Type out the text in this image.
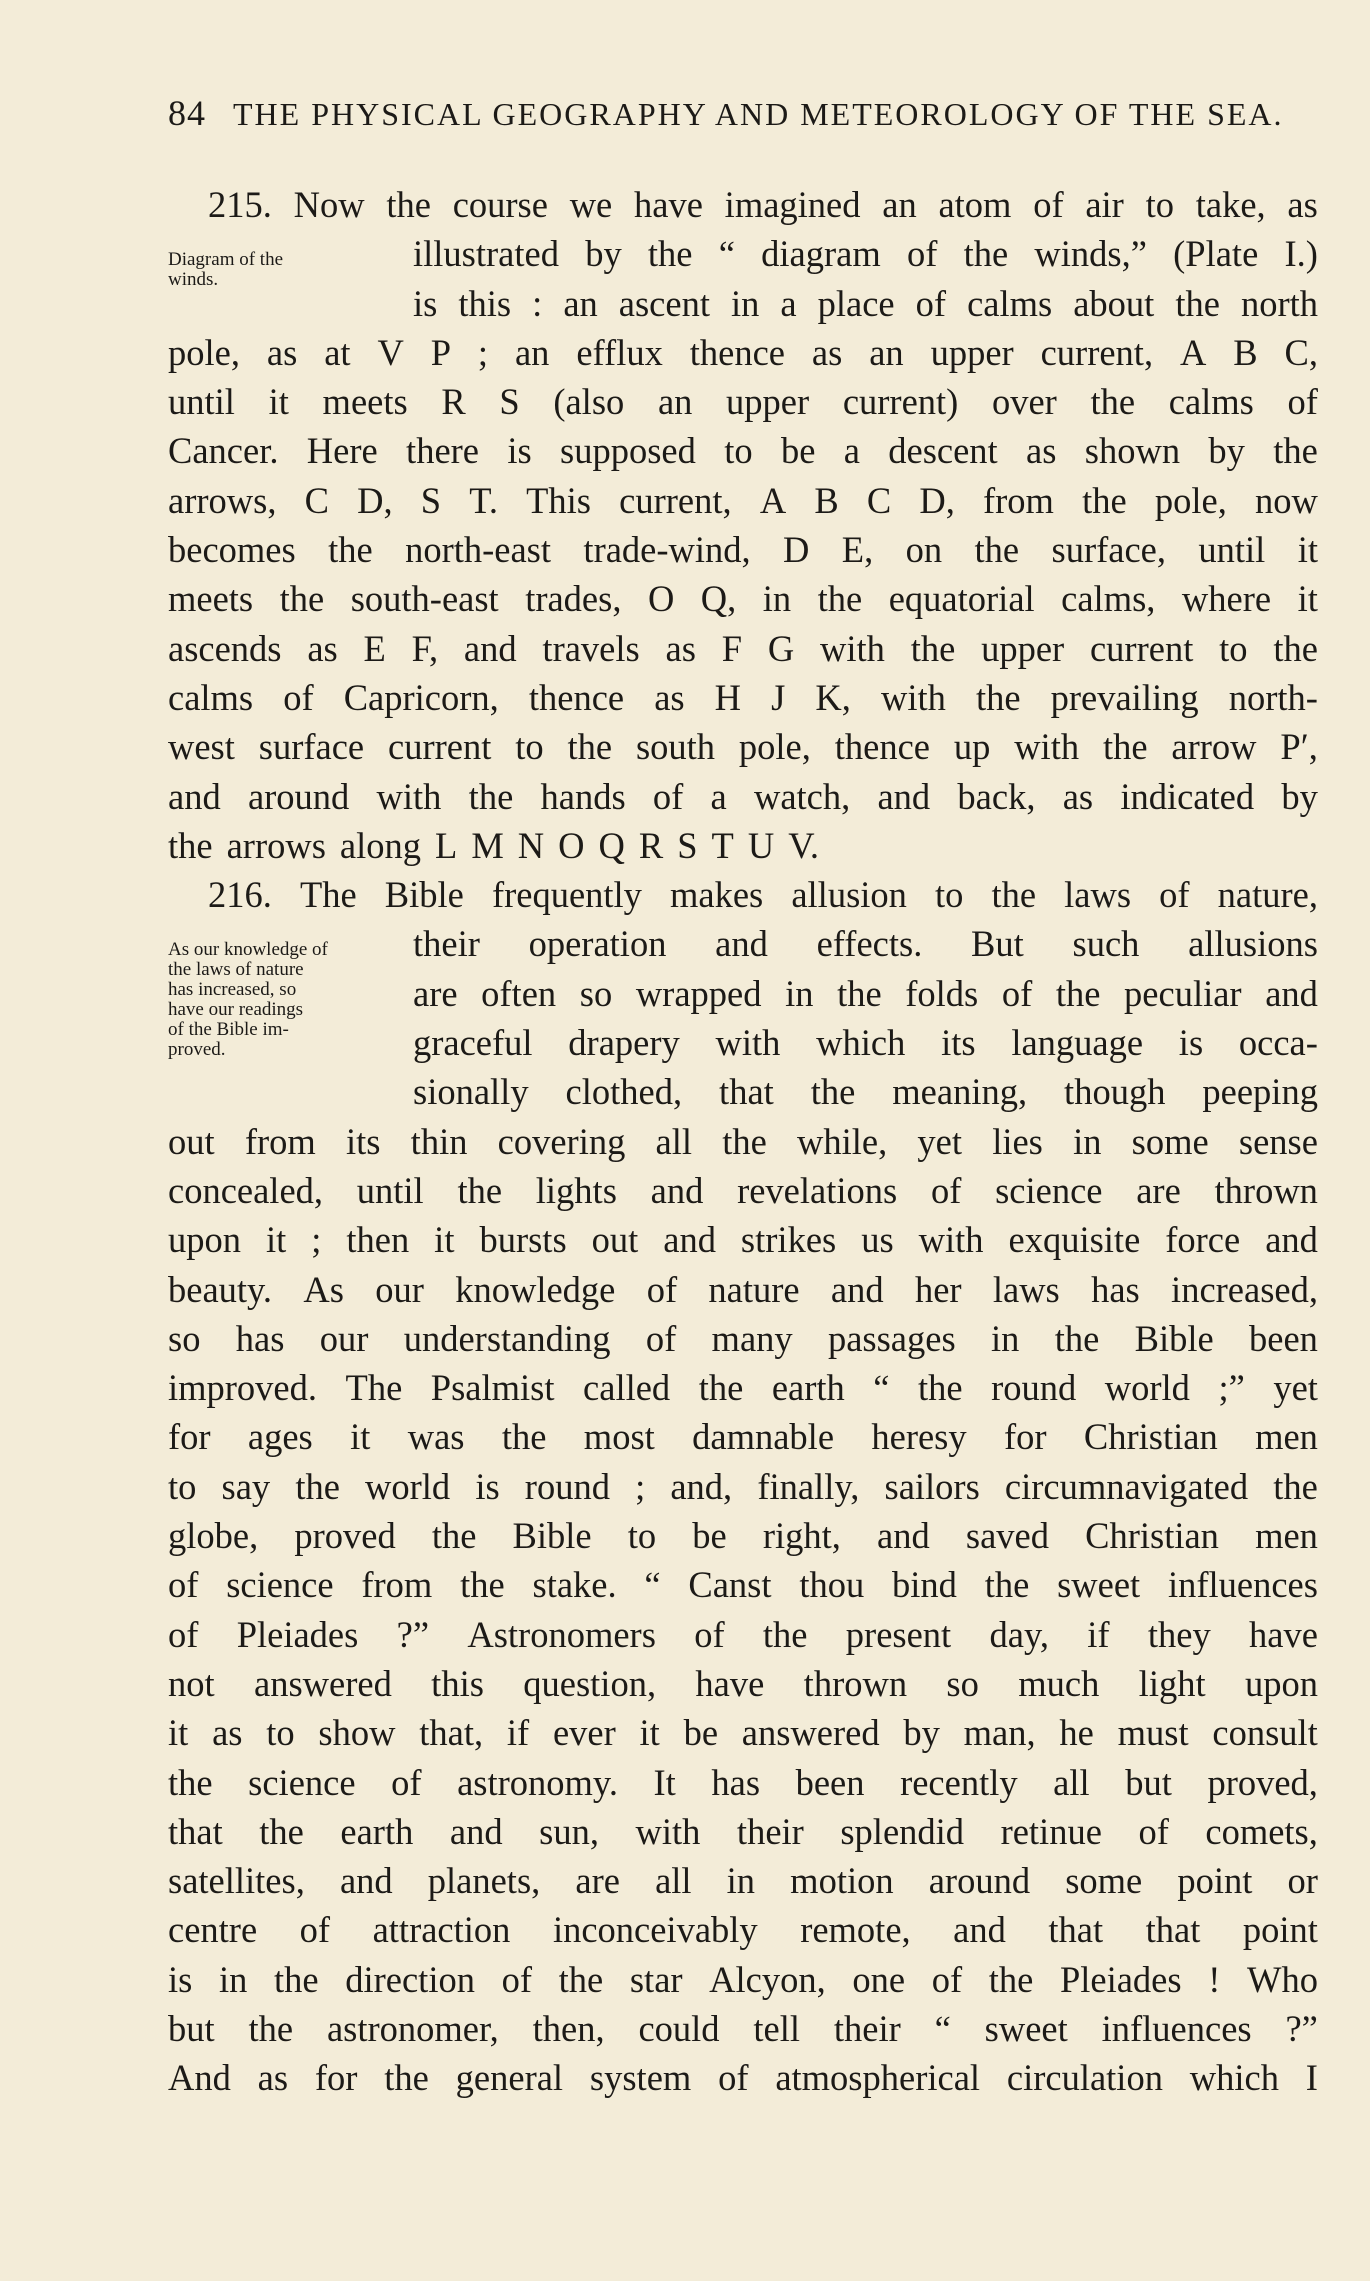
84 THE PHYSICAL GEOGRAPHY AND METEOROLOGY OF THE SEA.
Diagram of the
winds.
As our knowledge of
the laws of nature
has increased, so
have our readings
of the Bible im-
proved.
215. Now the course we have imagined an atom of air to take, as
illustrated by the “ diagram of the winds,” (Plate I.)
is this : an ascent in a place of calms about the north
pole, as at V P ; an efflux thence as an upper current, A B C,
until it meets R S (also an upper current) over the calms of
Cancer. Here there is supposed to be a descent as shown by the
arrows, C D, S T. This current, A B C D, from the pole, now
becomes the north-east trade-wind, D E, on the surface, until it
meets the south-east trades, O Q, in the equatorial calms, where it
ascends as E F, and travels as F G with the upper current to the
calms of Capricorn, thence as H J K, with the prevailing north-
west surface current to the south pole, thence up with the arrow P′,
and around with the hands of a watch, and back, as indicated by
the arrows along L M N O Q R S T U V.
216. The Bible frequently makes allusion to the laws of nature,
their operation and effects. But such allusions
are often so wrapped in the folds of the peculiar and
graceful drapery with which its language is occa-
sionally clothed, that the meaning, though peeping
out from its thin covering all the while, yet lies in some sense
concealed, until the lights and revelations of science are thrown
upon it ; then it bursts out and strikes us with exquisite force and
beauty. As our knowledge of nature and her laws has increased,
so has our understanding of many passages in the Bible been
improved. The Psalmist called the earth “ the round world ;” yet
for ages it was the most damnable heresy for Christian men
to say the world is round ; and, finally, sailors circumnavigated the
globe, proved the Bible to be right, and saved Christian men
of science from the stake. “ Canst thou bind the sweet influences
of Pleiades ?” Astronomers of the present day, if they have
not answered this question, have thrown so much light upon
it as to show that, if ever it be answered by man, he must consult
the science of astronomy. It has been recently all but proved,
that the earth and sun, with their splendid retinue of comets,
satellites, and planets, are all in motion around some point or
centre of attraction inconceivably remote, and that that point
is in the direction of the star Alcyon, one of the Pleiades ! Who
but the astronomer, then, could tell their “ sweet influences ?”
And as for the general system of atmospherical circulation which I
